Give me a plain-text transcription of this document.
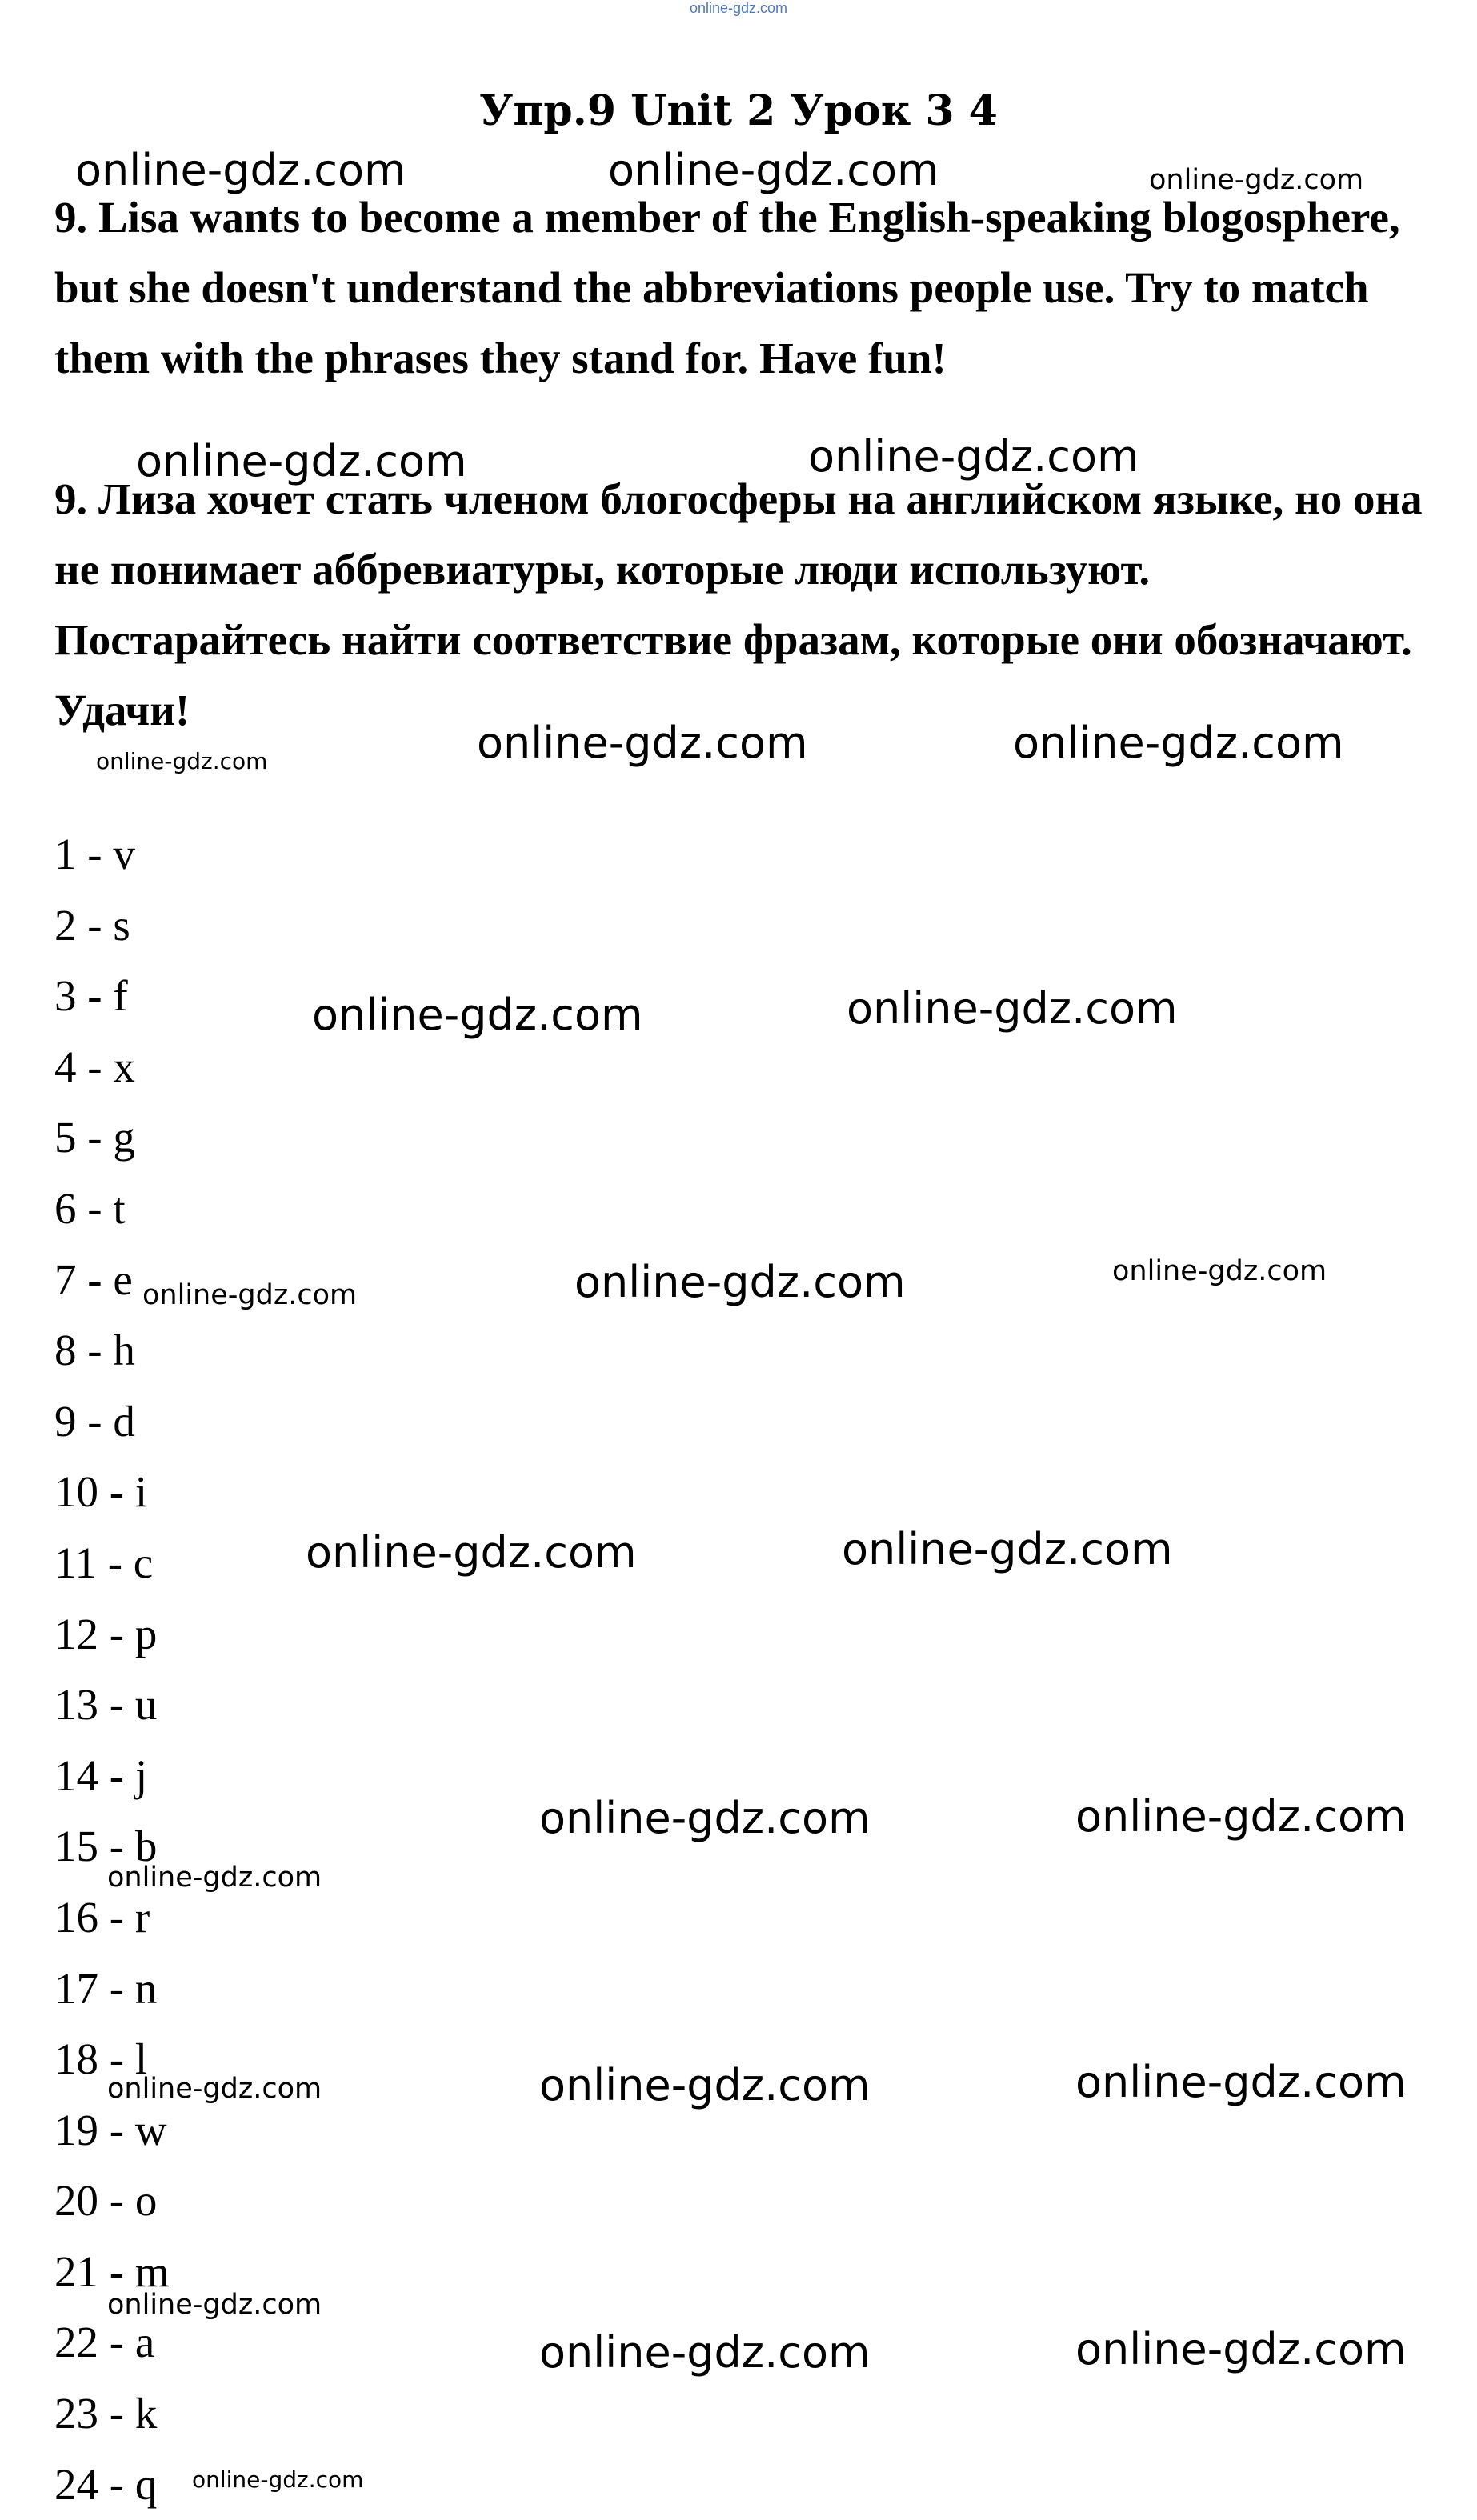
online-gdz.com
Упр.9 Unit 2 Урок 3 4

9. Lisa wants to become a member of the English-speaking blogosphere, but she doesn't understand the abbreviations people use. Try to match them with the phrases they stand for. Have fun!

9. Лиза хочет стать членом блогосферы на английском языке, но она не понимает аббревиатуры, которые люди используют. Постарайтесь найти соответствие фразам, которые они обозначают. Удачи!

1 - v
2 - s
3 - f
4 - x
5 - g
6 - t
7 - e
8 - h
9 - d
10 - i
11 - c
12 - p
13 - u
14 - j
15 - b
16 - r
17 - n
18 - l
19 - w
20 - o
21 - m
22 - a
23 - k
24 - q
online-gdz.com	online-gdz.com	online-gdz.com
online-gdz.com	online-gdz.com
online-gdz.com	online-gdz.com	online-gdz.com
online-gdz.com	online-gdz.com
online-gdz.com	online-gdz.com	online-gdz.com
online-gdz.com	online-gdz.com
online-gdz.com	online-gdz.com
online-gdz.com
online-gdz.com	online-gdz.com	online-gdz.com
online-gdz.com
online-gdz.com	online-gdz.com
online-gdz.com
